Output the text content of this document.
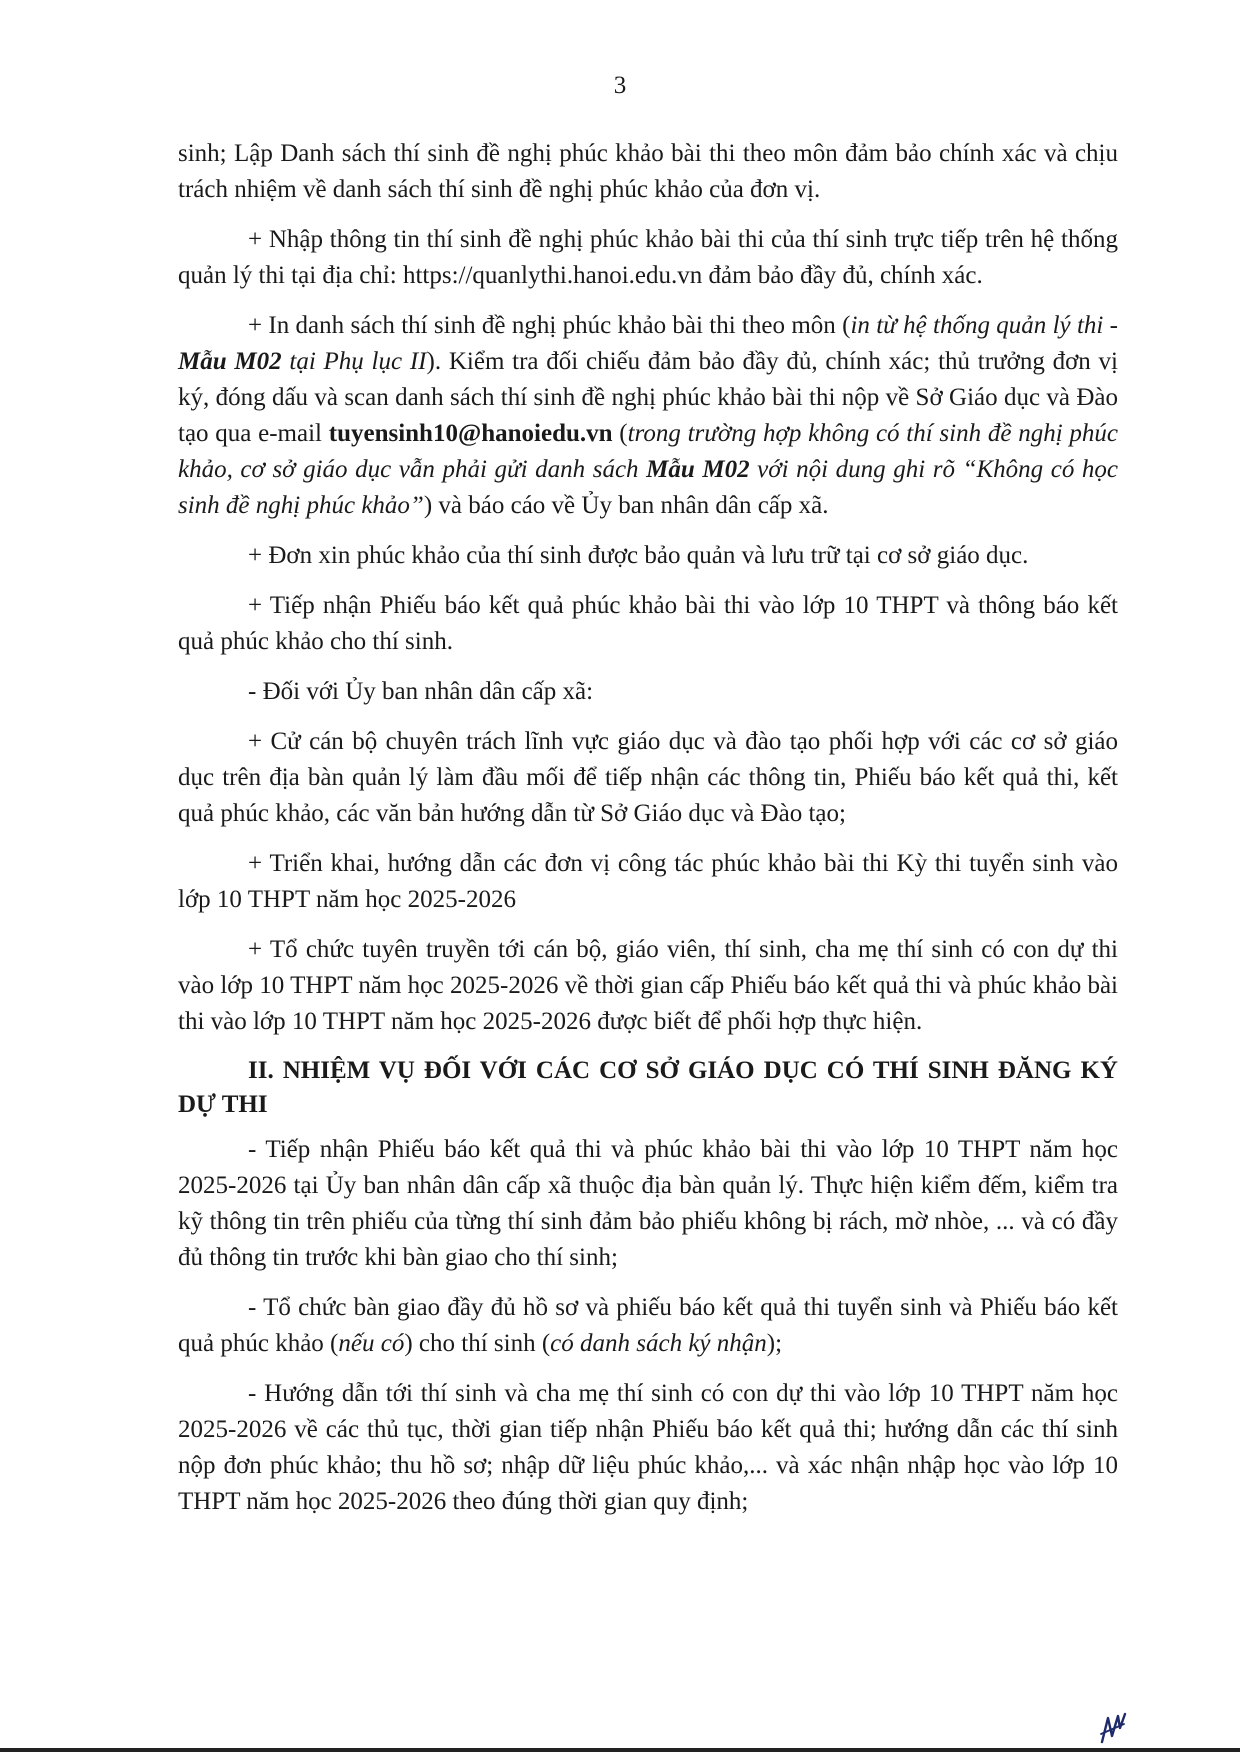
3

sinh; Lập Danh sách thí sinh đề nghị phúc khảo bài thi theo môn đảm bảo chính xác và chịu trách nhiệm về danh sách thí sinh đề nghị phúc khảo của đơn vị.

+ Nhập thông tin thí sinh đề nghị phúc khảo bài thi của thí sinh trực tiếp trên hệ thống quản lý thi tại địa chỉ: https://quanlythi.hanoi.edu.vn đảm bảo đầy đủ, chính xác.

+ In danh sách thí sinh đề nghị phúc khảo bài thi theo môn (in từ hệ thống quản lý thi - Mẫu M02 tại Phụ lục II). Kiểm tra đối chiếu đảm bảo đầy đủ, chính xác; thủ trưởng đơn vị ký, đóng dấu và scan danh sách thí sinh đề nghị phúc khảo bài thi nộp về Sở Giáo dục và Đào tạo qua e-mail tuyensinh10@hanoiedu.vn (trong trường hợp không có thí sinh đề nghị phúc khảo, cơ sở giáo dục vẫn phải gửi danh sách Mẫu M02 với nội dung ghi rõ “Không có học sinh đề nghị phúc khảo”) và báo cáo về Ủy ban nhân dân cấp xã.

+ Đơn xin phúc khảo của thí sinh được bảo quản và lưu trữ tại cơ sở giáo dục.

+ Tiếp nhận Phiếu báo kết quả phúc khảo bài thi vào lớp 10 THPT và thông báo kết quả phúc khảo cho thí sinh.

- Đối với Ủy ban nhân dân cấp xã:

+ Cử cán bộ chuyên trách lĩnh vực giáo dục và đào tạo phối hợp với các cơ sở giáo dục trên địa bàn quản lý làm đầu mối để tiếp nhận các thông tin, Phiếu báo kết quả thi, kết quả phúc khảo, các văn bản hướng dẫn từ Sở Giáo dục và Đào tạo;

+ Triển khai, hướng dẫn các đơn vị công tác phúc khảo bài thi Kỳ thi tuyển sinh vào lớp 10 THPT năm học 2025-2026

+ Tổ chức tuyên truyền tới cán bộ, giáo viên, thí sinh, cha mẹ thí sinh có con dự thi vào lớp 10 THPT năm học 2025-2026 về thời gian cấp Phiếu báo kết quả thi và phúc khảo bài thi vào lớp 10 THPT năm học 2025-2026 được biết để phối hợp thực hiện.

II. NHIỆM VỤ ĐỐI VỚI CÁC CƠ SỞ GIÁO DỤC CÓ THÍ SINH ĐĂNG KÝ DỰ THI

- Tiếp nhận Phiếu báo kết quả thi và phúc khảo bài thi vào lớp 10 THPT năm học 2025-2026 tại Ủy ban nhân dân cấp xã thuộc địa bàn quản lý. Thực hiện kiểm đếm, kiểm tra kỹ thông tin trên phiếu của từng thí sinh đảm bảo phiếu không bị rách, mờ nhòe, ... và có đầy đủ thông tin trước khi bàn giao cho thí sinh;

- Tổ chức bàn giao đầy đủ hồ sơ và phiếu báo kết quả thi tuyển sinh và Phiếu báo kết quả phúc khảo (nếu có) cho thí sinh (có danh sách ký nhận);

- Hướng dẫn tới thí sinh và cha mẹ thí sinh có con dự thi vào lớp 10 THPT năm học 2025-2026 về các thủ tục, thời gian tiếp nhận Phiếu báo kết quả thi; hướng dẫn các thí sinh nộp đơn phúc khảo; thu hồ sơ; nhập dữ liệu phúc khảo,... và xác nhận nhập học vào lớp 10 THPT năm học 2025-2026 theo đúng thời gian quy định;
